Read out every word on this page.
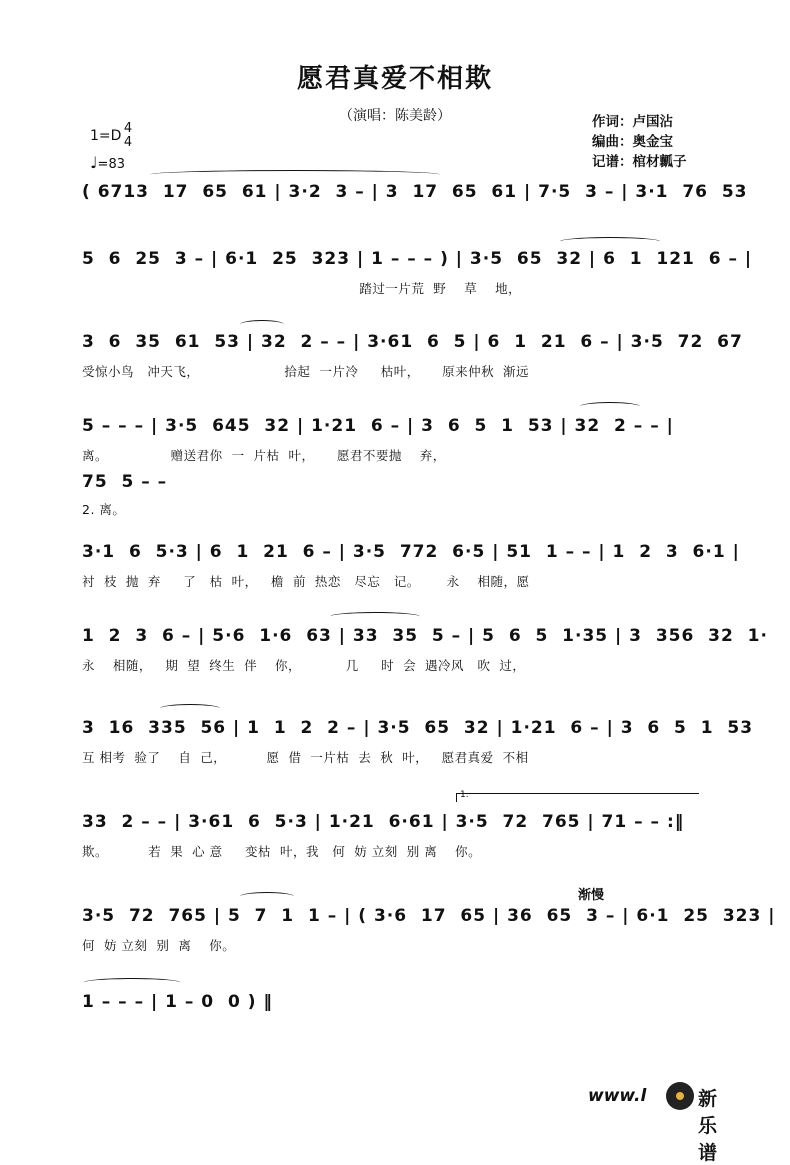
愿君真爱不相欺
（演唱：陈美龄）	作词：卢国沾
编曲：奥金宝
记谱：棺材瓤子
1=D 4
4
♩=83
( 6713  17  65  61 | 3·2  3 – | 3  17  65  61 | 7·5  3 – | 3·1  76  53
5  6  25  3 – | 6·1  25  323 | 1 – – – ) | 3·5  65  32 | 6  1  121  6 – |
踏过一片荒  野    草    地，
3  6  35  61  53 | 32  2 – – | 3·61  6  5 | 6  1  21  6 – | 3·5  72  67
受惊小鸟   冲天飞，                   拾起  一片冷     枯叶，     原来仲秋  渐远
5 – – – | 3·5  645  32 | 1·21  6 – | 3  6  5  1  53 | 32  2 – – |
离。              赠送君你  一  片枯  叶，     愿君不要抛    弃，
75  5 – –
2. 离。
3·1  6  5·3 | 6  1  21  6 – | 3·5  772  6·5 | 51  1 – – | 1  2  3  6·1 |
衬  枝  抛  弃     了   枯  叶，   檐  前  热恋   尽忘   记。      永    相随，愿
1  2  3  6 – | 5·6  1·6  63 | 33  35  5 – | 5  6  5  1·35 | 3  356  32  1·
永    相随，   期  望  终生  伴    你，          几     时  会  遇冷风   吹  过，
3  16  335  56 | 1  1  2  2 – | 3·5  65  32 | 1·21  6 – | 3  6  5  1  53
互 相考  验了    自  己，         愿  借  一片枯  去  秋  叶，   愿君真爱  不相
1.
33  2 – – | 3·61  6  5·3 | 1·21  6·61 | 3·5  72  765 | 71 – – :‖
欺。         若  果  心 意     变枯  叶，我   何  妨 立刻  别 离    你。
渐慢
3·5  72  765 | 5  7  1  1 – | ( 3·6  17  65 | 36  65  3 – | 6·1  25  323 |
何  妨 立刻  别  离    你。
1 – – – | 1 – 0  0 ) ‖
www.l	新乐谱
